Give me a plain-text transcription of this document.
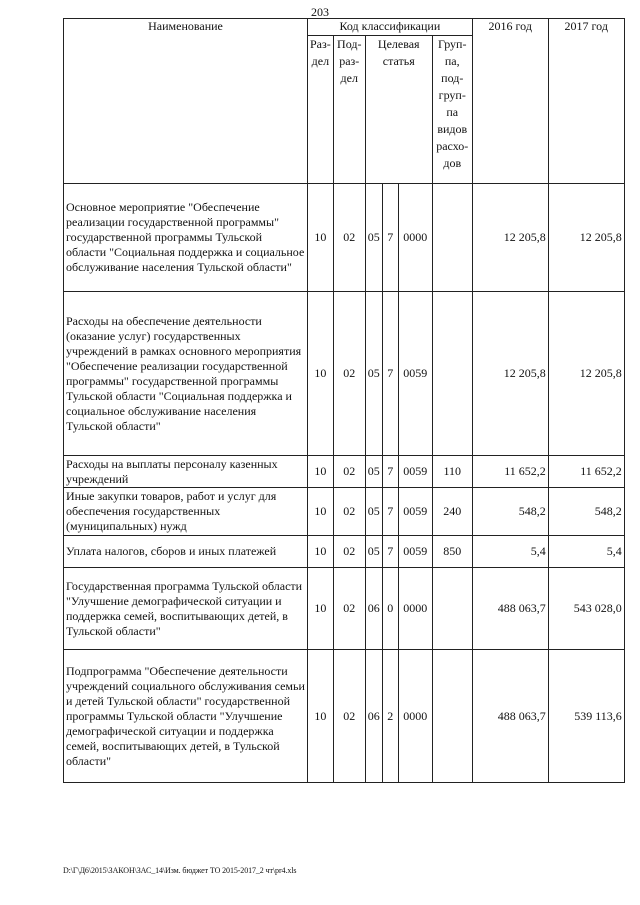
203
Наименование	Код классификации						2016 год	2017 год
	Раз-дел	Под-раз-дел	Целевая статья			Груп-па, под-груп-па видов расхо-дов		
Основное мероприятие "Обеспечение реализации государственной программы" государственной программы Тульской области "Социальная поддержка и социальное обслуживание населения Тульской области"	10	02	05	7	0000		12 205,8	12 205,8
Расходы на обеспечение деятельности (оказание услуг) государственных учреждений в рамках основного мероприятия "Обеспечение реализации государственной программы" государственной программы Тульской области "Социальная поддержка и социальное обслуживание населения Тульской области"	10	02	05	7	0059		12 205,8	12 205,8
Расходы на выплаты персоналу казенных учреждений	10	02	05	7	0059	110	11 652,2	11 652,2
Иные закупки товаров, работ и услуг для обеспечения государственных (муниципальных) нужд	10	02	05	7	0059	240	548,2	548,2
Уплата налогов, сборов и иных платежей	10	02	05	7	0059	850	5,4	5,4
Государственная программа Тульской области "Улучшение демографической ситуации и поддержка семей, воспитывающих детей, в Тульской области"	10	02	06	0	0000		488 063,7	543 028,0
Подпрограмма "Обеспечение деятельности учреждений социального обслуживания семьи и детей Тульской области" государственной программы Тульской области "Улучшение демографической ситуации и поддержка семей, воспитывающих детей, в Тульской области"	10	02	06	2	0000		488 063,7	539 113,6
D:\Г\Д6\2015\ЗАКОН\ЗАС_14\Изм. бюджет ТО 2015-2017_2 чт\pr4.xls
